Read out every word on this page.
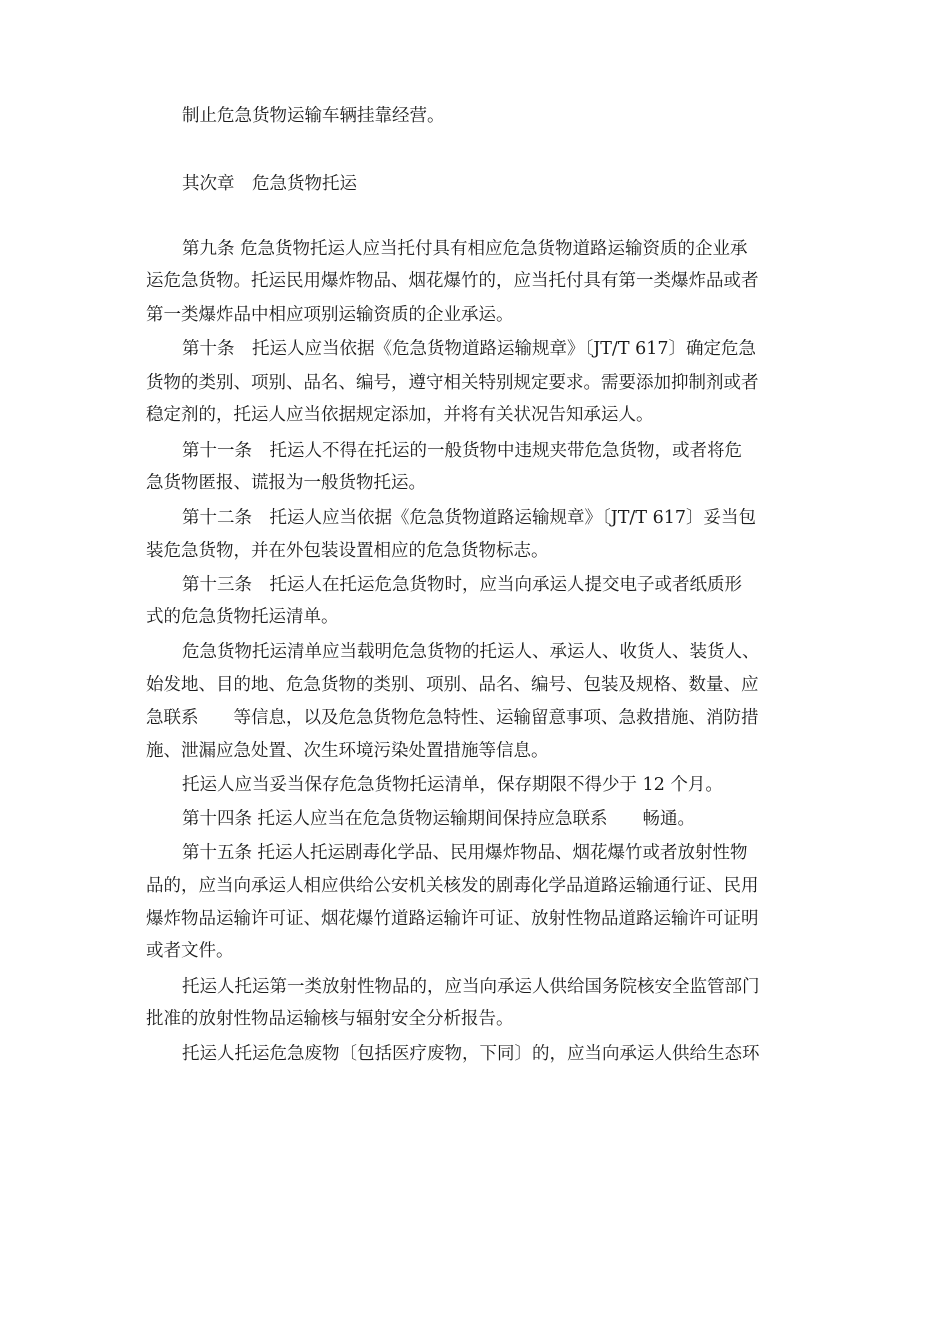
制止危急货物运输车辆挂靠经营。

其次章　危急货物托运

第九条 危急货物托运人应当托付具有相应危急货物道路运输资质的企业承

运危急货物。托运民用爆炸物品、烟花爆竹的，应当托付具有第一类爆炸品或者

第一类爆炸品中相应项别运输资质的企业承运。

第十条　托运人应当依据《危急货物道路运输规章》〔JT/T 617〕确定危急

货物的类别、项别、品名、编号，遵守相关特别规定要求。需要添加抑制剂或者

稳定剂的，托运人应当依据规定添加，并将有关状况告知承运人。

第十一条　托运人不得在托运的一般货物中违规夹带危急货物，或者将危

急货物匿报、谎报为一般货物托运。

第十二条　托运人应当依据《危急货物道路运输规章》〔JT/T 617〕妥当包

装危急货物，并在外包装设置相应的危急货物标志。

第十三条　托运人在托运危急货物时，应当向承运人提交电子或者纸质形

式的危急货物托运清单。

危急货物托运清单应当载明危急货物的托运人、承运人、收货人、装货人、

始发地、目的地、危急货物的类别、项别、品名、编号、包装及规格、数量、应

急联系　　等信息，以及危急货物危急特性、运输留意事项、急救措施、消防措

施、泄漏应急处置、次生环境污染处置措施等信息。

托运人应当妥当保存危急货物托运清单，保存期限不得少于 12 个月。

第十四条 托运人应当在危急货物运输期间保持应急联系　　畅通。

第十五条 托运人托运剧毒化学品、民用爆炸物品、烟花爆竹或者放射性物

品的，应当向承运人相应供给公安机关核发的剧毒化学品道路运输通行证、民用

爆炸物品运输许可证、烟花爆竹道路运输许可证、放射性物品道路运输许可证明

或者文件。

托运人托运第一类放射性物品的，应当向承运人供给国务院核安全监管部门

批准的放射性物品运输核与辐射安全分析报告。

托运人托运危急废物〔包括医疗废物，下同〕的，应当向承运人供给生态环
